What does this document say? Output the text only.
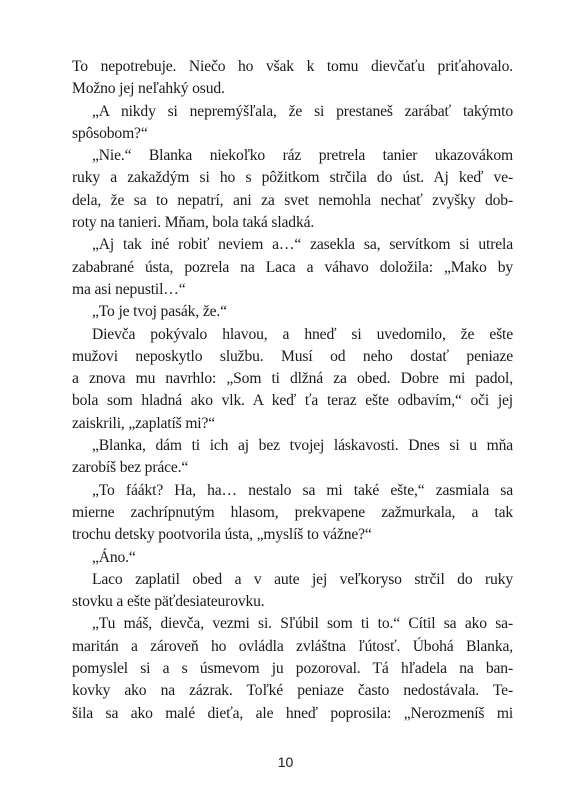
To nepotrebuje. Niečo ho však k tomu dievčaťu priťahovalo.
Možno jej neľahký osud.
„A nikdy si nepremýšľala, že si prestaneš zarábať takýmto
spôsobom?“
„Nie.“ Blanka niekoľko ráz pretrela tanier ukazovákom
ruky a zakaždým si ho s pôžitkom strčila do úst. Aj keď ve-
dela, že sa to nepatrí, ani za svet nemohla nechať zvyšky dob-
roty na tanieri. Mňam, bola taká sladká.
„Aj tak iné robiť neviem a…“ zasekla sa, servítkom si utrela
zababrané ústa, pozrela na Laca a váhavo doložila: „Mako by
ma asi nepustil…“
„To je tvoj pasák, že.“
Dievča pokývalo hlavou, a hneď si uvedomilo, že ešte
mužovi neposkytlo službu. Musí od neho dostať peniaze
a znova mu navrhlo: „Som ti dlžná za obed. Dobre mi padol,
bola som hladná ako vlk. A keď ťa teraz ešte odbavím,“ oči jej
zaiskrili, „zaplatíš mi?“
„Blanka, dám ti ich aj bez tvojej láskavosti. Dnes si u mňa
zarobíš bez práce.“
„To fáákt? Ha, ha… nestalo sa mi také ešte,“ zasmiala sa
mierne zachrípnutým hlasom, prekvapene zažmurkala, a tak
trochu detsky pootvorila ústa, „myslíš to vážne?“
„Áno.“
Laco zaplatil obed a v aute jej veľkoryso strčil do ruky
stovku a ešte päťdesiateurovku.
„Tu máš, dievča, vezmi si. Sľúbil som ti to.“ Cítil sa ako sa-
maritán a zároveň ho ovládla zvláštna ľútosť. Úbohá Blanka,
pomyslel si a s úsmevom ju pozoroval. Tá hľadela na ban-
kovky ako na zázrak. Toľké peniaze často nedostávala. Te-
šila sa ako malé dieťa, ale hneď poprosila: „Nerozmeníš mi
10
